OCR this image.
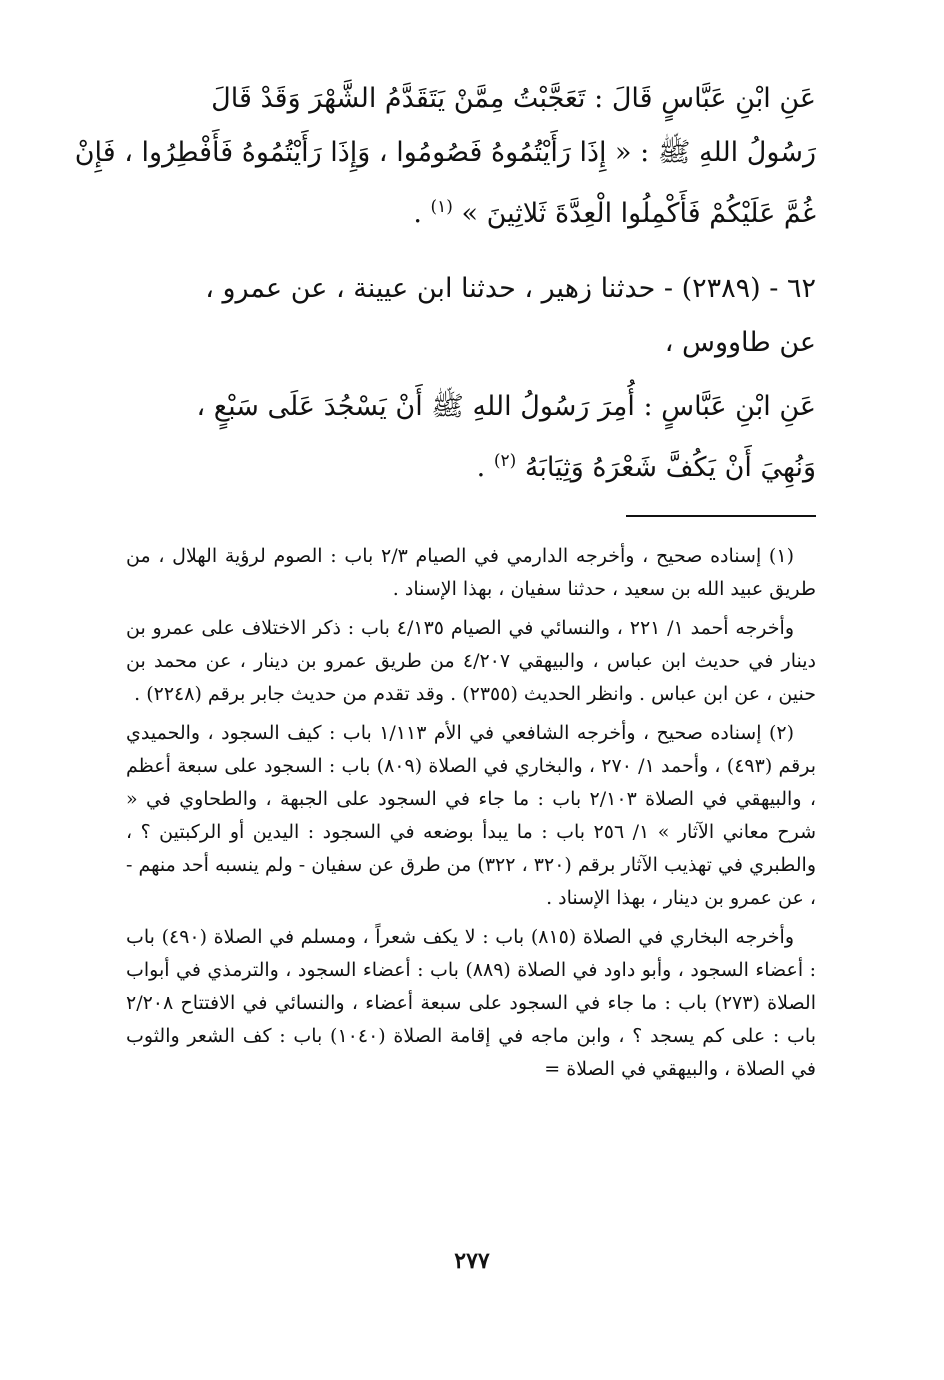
عَنِ ابْنِ عَبَّاسٍ قَالَ : تَعَجَّبْتُ مِمَّنْ يَتَقَدَّمُ الشَّهْرَ وَقَدْ قَالَ
رَسُولُ اللهِ ﷺ : « إِذَا رَأَيْتُمُوهُ فَصُومُوا ، وَإِذَا رَأَيْتُمُوهُ فَأَفْطِرُوا ، فَإِنْ
غُمَّ عَلَيْكُمْ فَأَكْمِلُوا الْعِدَّةَ ثَلاثِينَ » $^{(١)}$ .
٦٢ - (٢٣٨٩) - حدثنا زهير ، حدثنا ابن عيينة ، عن عمرو ،
عن طاووس ،
عَنِ ابْنِ عَبَّاسٍ : أُمِرَ رَسُولُ اللهِ ﷺ أَنْ يَسْجُدَ عَلَى سَبْعٍ ،
وَنُهِيَ أَنْ يَكُفَّ شَعْرَهُ وَثِيَابَهُ $^{(٢)}$ .

(١) إسناده صحيح ، وأخرجه الدارمي في الصيام ٢/٣ باب : الصوم لرؤية الهلال ، من طريق عبيد الله بن سعيد ، حدثنا سفيان ، بهذا الإسناد .

وأخرجه أحمد ١/ ٢٢١ ، والنسائي في الصيام ٤/١٣٥ باب : ذكر الاختلاف على عمرو بن دينار في حديث ابن عباس ، والبيهقي ٤/٢٠٧ من طريق عمرو بن دينار ، عن محمد بن حنين ، عن ابن عباس . وانظر الحديث (٢٣٥٥) . وقد تقدم من حديث جابر برقم (٢٢٤٨) .

(٢) إسناده صحيح ، وأخرجه الشافعي في الأم ١/١١٣ باب : كيف السجود ، والحميدي برقم (٤٩٣) ، وأحمد ١/ ٢٧٠ ، والبخاري في الصلاة (٨٠٩) باب : السجود على سبعة أعظم ، والبيهقي في الصلاة ٢/١٠٣ باب : ما جاء في السجود على الجبهة ، والطحاوي في « شرح معاني الآثار » ١/ ٢٥٦ باب : ما يبدأ بوضعه في السجود : اليدين أو الركبتين ؟ ، والطبري في تهذيب الآثار برقم (٣٢٠ ، ٣٢٢) من طرق عن سفيان - ولم ينسبه أحد منهم - ، عن عمرو بن دينار ، بهذا الإسناد .

وأخرجه البخاري في الصلاة (٨١٥) باب : لا يكف شعراً ، ومسلم في الصلاة (٤٩٠) باب : أعضاء السجود ، وأبو داود في الصلاة (٨٨٩) باب : أعضاء السجود ، والترمذي في أبواب الصلاة (٢٧٣) باب : ما جاء في السجود على سبعة أعضاء ، والنسائي في الافتتاح ٢/٢٠٨ باب : على كم يسجد ؟ ، وابن ماجه في إقامة الصلاة (١٠٤٠) باب : كف الشعر والثوب في الصلاة ، والبيهقي في الصلاة =

٢٧٧
